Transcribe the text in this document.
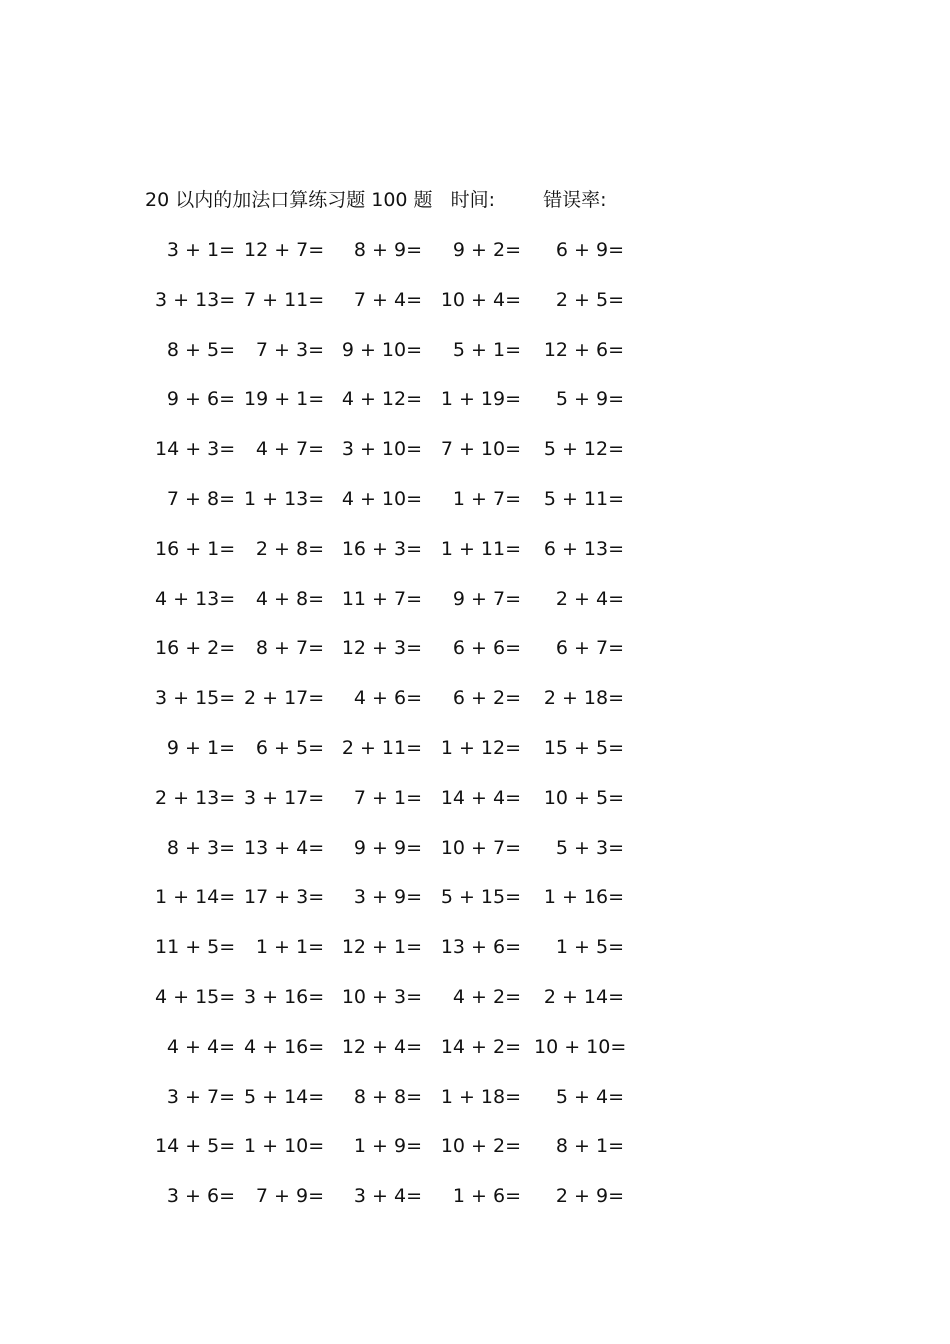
20 以内的加法口算练习题 100 题 时间:	错误率:
3 + 1= 12 + 7=	8 + 9=	9 + 2=	6 + 9=
3 + 13= 7 + 11=	7 + 4= 10 + 4=	2 + 5=
8 + 5=	7 + 3= 9 + 10=	5 + 1=	12 + 6=
9 + 6= 19 + 1= 4 + 12= 1 + 19=	5 + 9=
14 + 3=	4 + 7= 3 + 10= 7 + 10=	5 + 12=
7 + 8= 1 + 13= 4 + 10=	1 + 7=	5 + 11=
16 + 1=	2 + 8= 16 + 3= 1 + 11=	6 + 13=
4 + 13=	4 + 8= 11 + 7=	9 + 7=	2 + 4=
16 + 2=	8 + 7= 12 + 3=	6 + 6=	6 + 7=
3 + 15= 2 + 17=	4 + 6=	6 + 2=	2 + 18=
9 + 1=	6 + 5= 2 + 11= 1 + 12=	15 + 5=
2 + 13= 3 + 17=	7 + 1= 14 + 4=	10 + 5=
8 + 3= 13 + 4=	9 + 9= 10 + 7=	5 + 3=
1 + 14= 17 + 3=	3 + 9= 5 + 15=	1 + 16=
11 + 5=	1 + 1= 12 + 1= 13 + 6=	1 + 5=
4 + 15= 3 + 16= 10 + 3=	4 + 2=	2 + 14=
4 + 4= 4 + 16= 12 + 4= 14 + 2= 10 + 10=
3 + 7= 5 + 14=	8 + 8= 1 + 18=	5 + 4=
14 + 5= 1 + 10=	1 + 9= 10 + 2=	8 + 1=
3 + 6=	7 + 9=	3 + 4=	1 + 6=	2 + 9=
